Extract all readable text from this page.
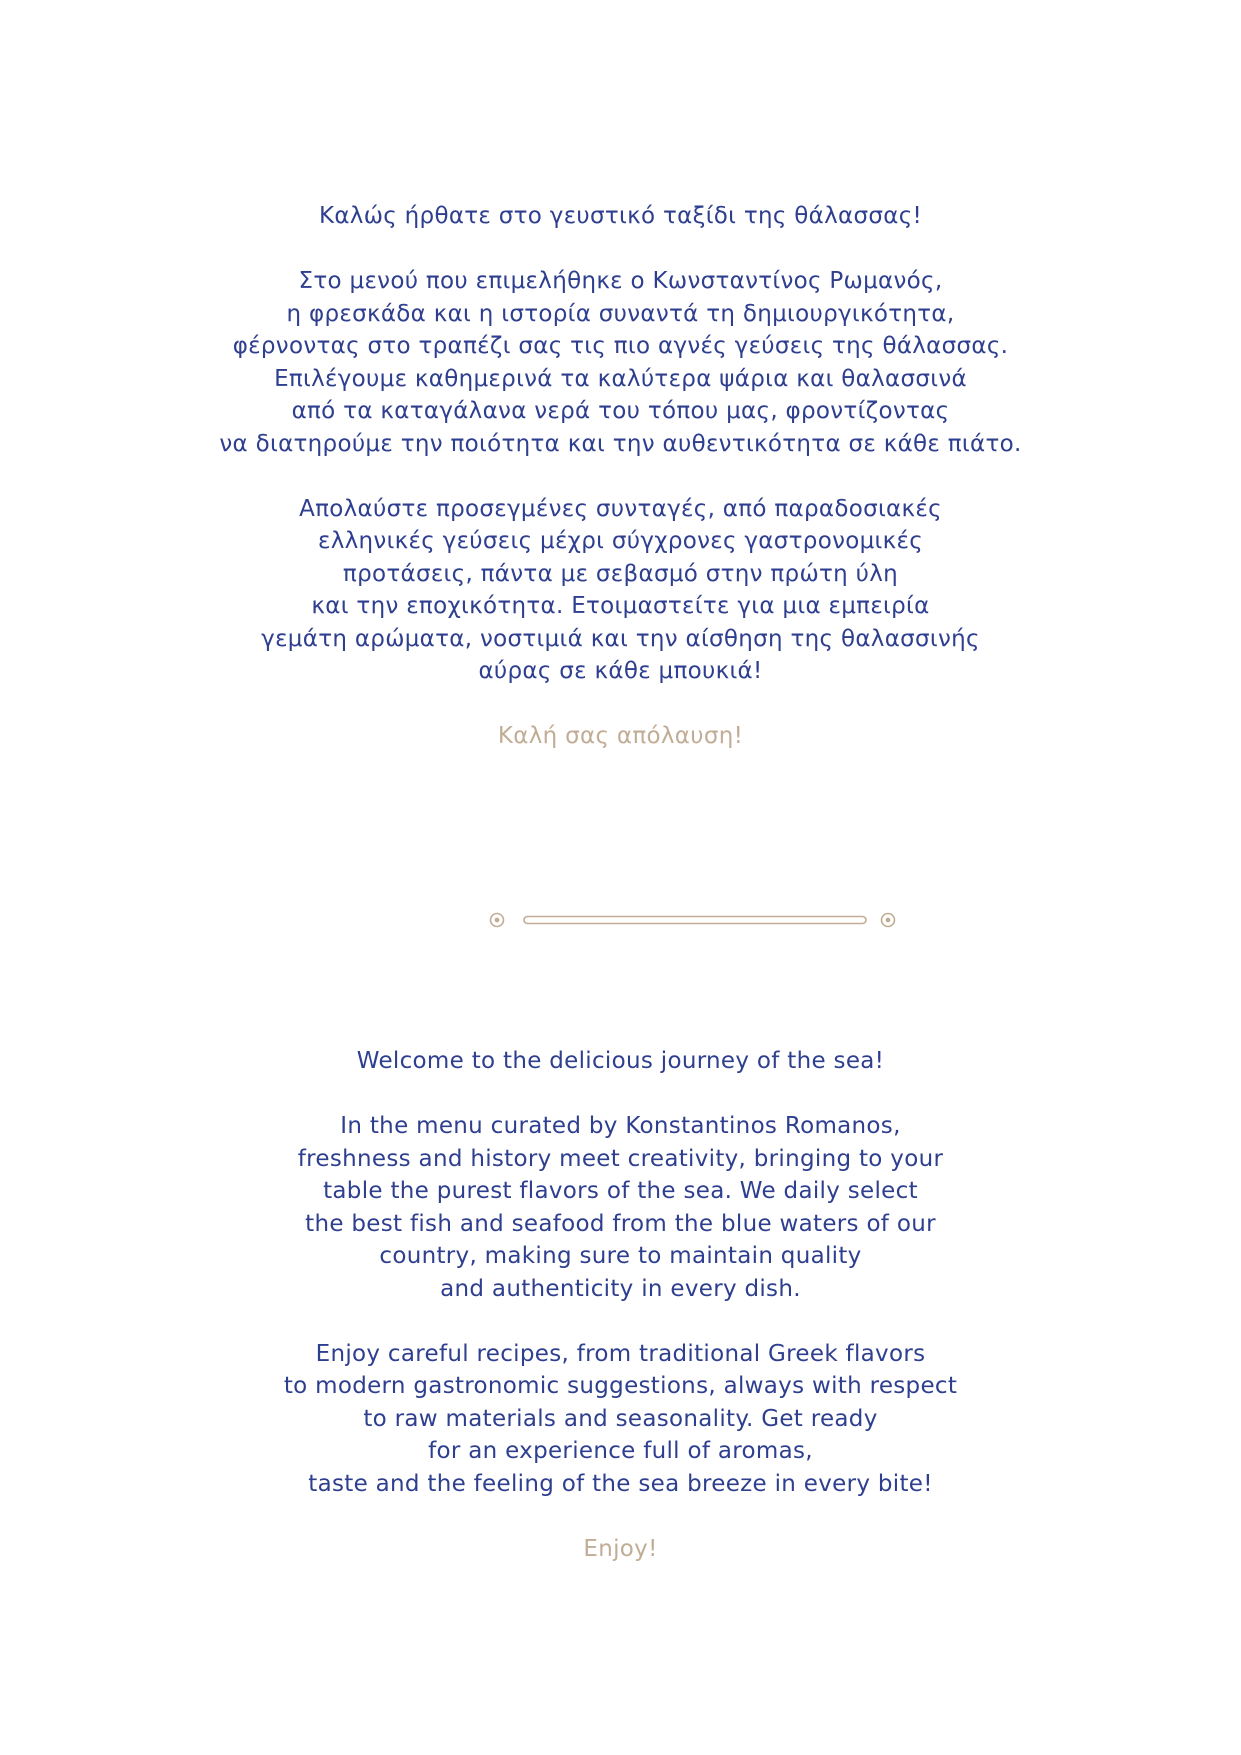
Καλώς ήρθατε στο γευστικό ταξίδι της θάλασσας!
Στο μενού που επιμελήθηκε ο Κωνσταντίνος Ρωμανός,
η φρεσκάδα και η ιστορία συναντά τη δημιουργικότητα,
φέρνοντας στο τραπέζι σας τις πιο αγνές γεύσεις της θάλασσας.
Επιλέγουμε καθημερινά τα καλύτερα ψάρια και θαλασσινά
από τα καταγάλανα νερά του τόπου μας, φροντίζοντας
να διατηρούμε την ποιότητα και την αυθεντικότητα σε κάθε πιάτο.
Απολαύστε προσεγμένες συνταγές, από παραδοσιακές
ελληνικές γεύσεις μέχρι σύγχρονες γαστρονομικές
προτάσεις, πάντα με σεβασμό στην πρώτη ύλη
και την εποχικότητα. Ετοιμαστείτε για μια εμπειρία
γεμάτη αρώματα, νοστιμιά και την αίσθηση της θαλασσινής
αύρας σε κάθε μπουκιά!
Καλή σας απόλαυση!
Welcome to the delicious journey of the sea!
In the menu curated by Konstantinos Romanos,
freshness and history meet creativity, bringing to your
table the purest flavors of the sea. We daily select
the best fish and seafood from the blue waters of our
country, making sure to maintain quality
and authenticity in every dish.
Enjoy careful recipes, from traditional Greek flavors
to modern gastronomic suggestions, always with respect
to raw materials and seasonality. Get ready
for an experience full of aromas,
taste and the feeling of the sea breeze in every bite!
Enjoy!
